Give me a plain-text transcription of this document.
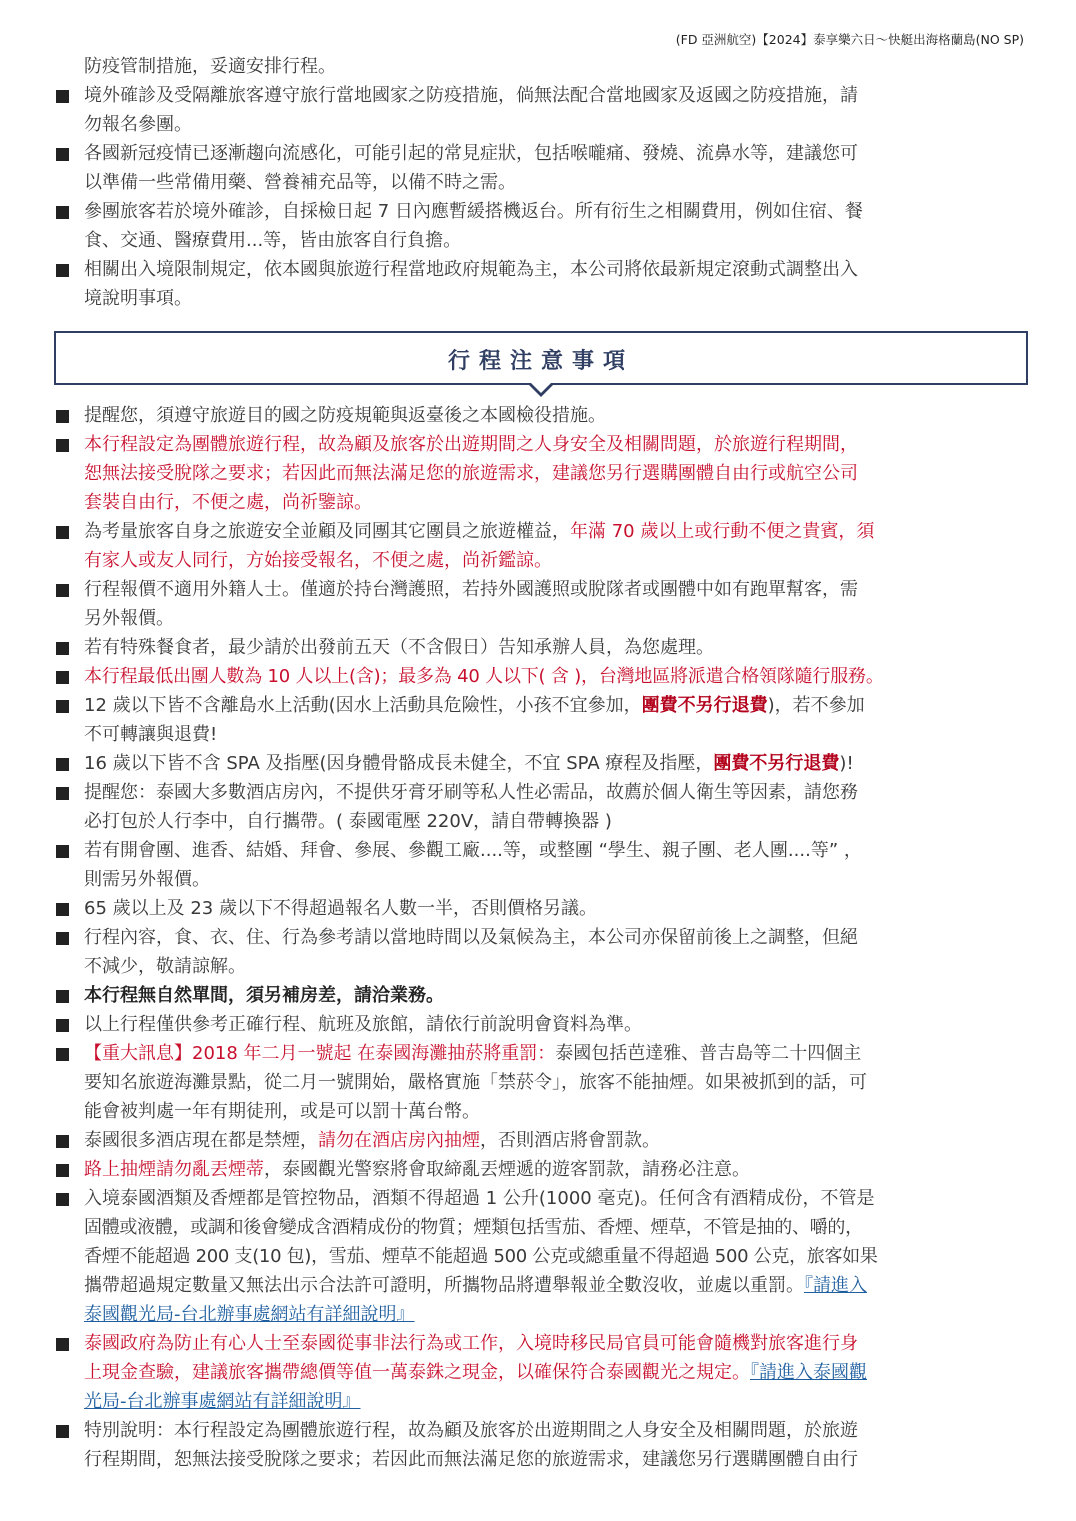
(FD 亞洲航空)【2024】泰享樂六日～快艇出海格蘭島(NO SP)
防疫管制措施，妥適安排行程。
境外確診及受隔離旅客遵守旅行當地國家之防疫措施，倘無法配合當地國家及返國之防疫措施，請
勿報名參團。
各國新冠疫情已逐漸趨向流感化，可能引起的常見症狀，包括喉嚨痛、發燒、流鼻水等，建議您可
以準備一些常備用藥、營養補充品等，以備不時之需。
參團旅客若於境外確診，自採檢日起 7 日內應暫緩搭機返台。所有衍生之相關費用，例如住宿、餐
食、交通、醫療費用...等，皆由旅客自行負擔。
相關出入境限制規定，依本國與旅遊行程當地政府規範為主，本公司將依最新規定滾動式調整出入
境說明事項。
行程注意事項
提醒您，須遵守旅遊目的國之防疫規範與返臺後之本國檢役措施。
本行程設定為團體旅遊行程，故為顧及旅客於出遊期間之人身安全及相關問題，於旅遊行程期間，
恕無法接受脫隊之要求；若因此而無法滿足您的旅遊需求，建議您另行選購團體自由行或航空公司
套裝自由行，不便之處，尚祈鑒諒。
為考量旅客自身之旅遊安全並顧及同團其它團員之旅遊權益，年滿 70 歲以上或行動不便之貴賓，須
有家人或友人同行，方始接受報名，不便之處，尚祈鑑諒。
行程報價不適用外籍人士。僅適於持台灣護照，若持外國護照或脫隊者或團體中如有跑單幫客，需
另外報價。
若有特殊餐食者，最少請於出發前五天（不含假日）告知承辦人員，為您處理。
本行程最低出團人數為 10 人以上(含)；最多為 40 人以下( 含 )，台灣地區將派遣合格領隊隨行服務。
12 歲以下皆不含離島水上活動(因水上活動具危險性，小孩不宜參加，團費不另行退費)，若不參加
不可轉讓與退費!
16 歲以下皆不含 SPA 及指壓(因身體骨骼成長未健全，不宜 SPA 療程及指壓，團費不另行退費)!
提醒您：泰國大多數酒店房內，不提供牙膏牙刷等私人性必需品，故薦於個人衛生等因素，請您務
必打包於人行李中，自行攜帶。( 泰國電壓 220V，請自帶轉換器 )
若有開會團、進香、結婚、拜會、參展、參觀工廠....等，或整團 “學生、親子團、老人團....等” ，
則需另外報價。
65 歲以上及 23 歲以下不得超過報名人數一半，否則價格另議。
行程內容，食、衣、住、行為參考請以當地時間以及氣候為主，本公司亦保留前後上之調整，但絕
不減少，敬請諒解。
本行程無自然單間，須另補房差，請洽業務。
以上行程僅供參考正確行程、航班及旅館，請依行前說明會資料為準。
【重大訊息】2018 年二月一號起 在泰國海灘抽菸將重罰：泰國包括芭達雅、普吉島等二十四個主
要知名旅遊海灘景點，從二月一號開始，嚴格實施「禁菸令」，旅客不能抽煙。如果被抓到的話，可
能會被判處一年有期徒刑，或是可以罰十萬台幣。
泰國很多酒店現在都是禁煙，請勿在酒店房內抽煙，否則酒店將會罰款。
路上抽煙請勿亂丟煙蒂，泰國觀光警察將會取締亂丟煙遞的遊客罰款，請務必注意。
入境泰國酒類及香煙都是管控物品，酒類不得超過 1 公升(1000 毫克)。任何含有酒精成份，不管是
固體或液體，或調和後會變成含酒精成份的物質；煙類包括雪茄、香煙、煙草，不管是抽的、嚼的，
香煙不能超過 200 支(10 包)，雪茄、煙草不能超過 500 公克或總重量不得超過 500 公克，旅客如果
攜帶超過規定數量又無法出示合法許可證明，所攜物品將遭舉報並全數沒收，並處以重罰。『請進入
泰國觀光局-台北辦事處網站有詳細說明』
泰國政府為防止有心人士至泰國從事非法行為或工作，入境時移民局官員可能會隨機對旅客進行身
上現金查驗，建議旅客攜帶總價等值一萬泰銖之現金，以確保符合泰國觀光之規定。『請進入泰國觀
光局-台北辦事處網站有詳細說明』
特別說明：本行程設定為團體旅遊行程，故為顧及旅客於出遊期間之人身安全及相關問題，於旅遊
行程期間，恕無法接受脫隊之要求；若因此而無法滿足您的旅遊需求，建議您另行選購團體自由行
